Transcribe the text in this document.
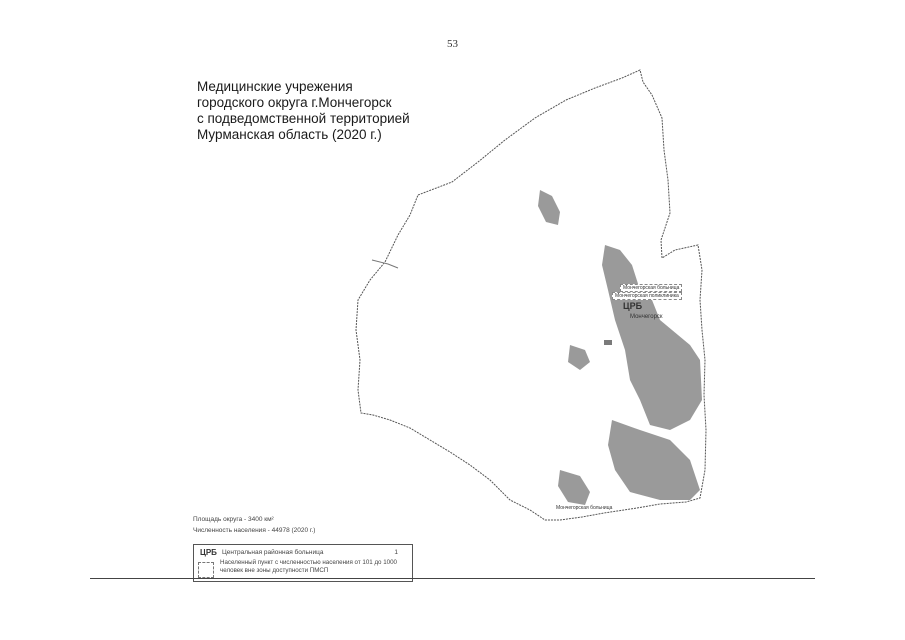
53
Медицинские учрежения
городского округа г.Мончегорск
с подведомственной территорией
Мурманская область (2020 г.)
Мончегорская больница
Мончегорская поликлиника
ЦРБ
Мончегорск
Мончегорская больница
Площадь округа - 3400 км²
Численность населения - 44978 (2020 г.)
ЦРБ Центральная районная больница	1
Населенный пункт с численностью населения от 101 до 1000 человек вне зоны доступности ПМСП
